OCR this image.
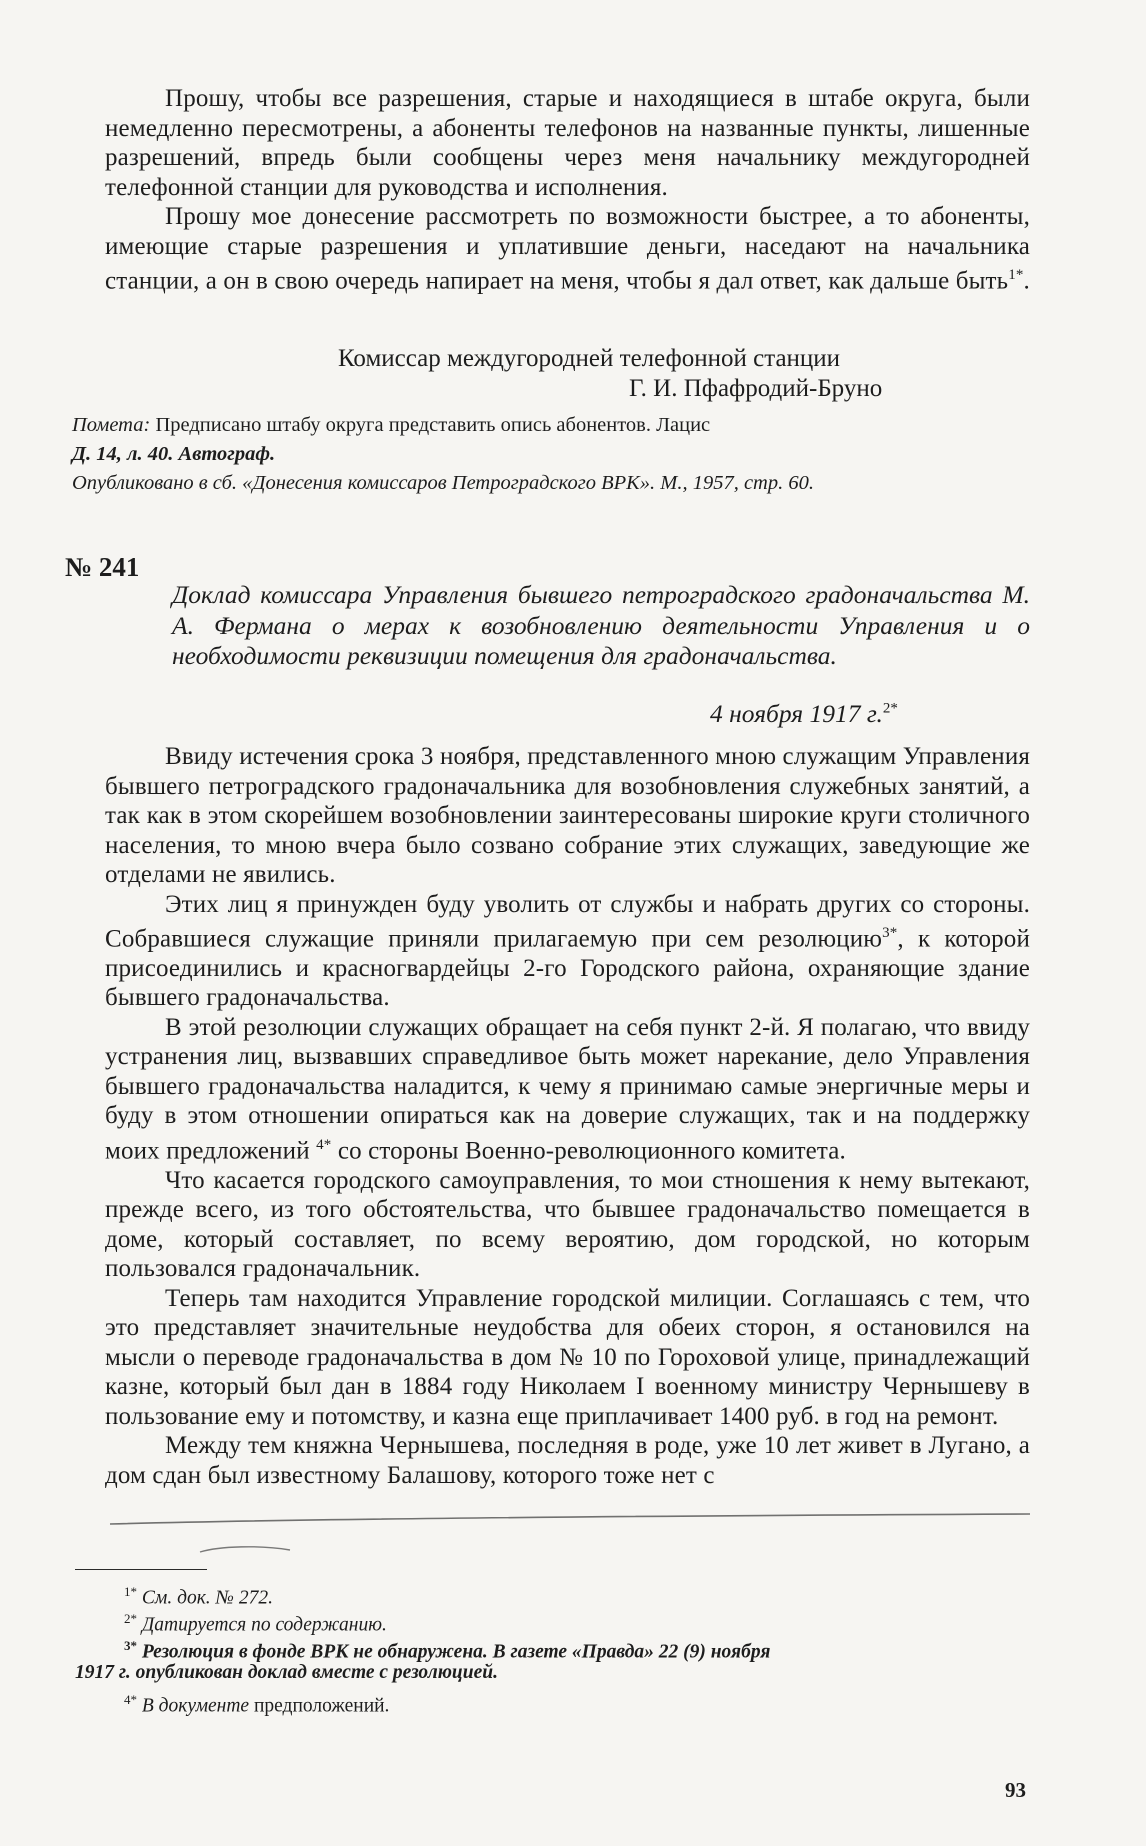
Прошу, чтобы все разрешения, старые и находящиеся в штабе округа, были немедленно пересмотрены, а абоненты телефонов на названные пункты, лишенные разрешений, впредь были сообщены через меня начальнику междугородней телефонной станции для руководства и исполнения.

Прошу мое донесение рассмотреть по возможности быстрее, а то абоненты, имеющие старые разрешения и уплатившие деньги, наседают на начальника станции, а он в свою очередь напирает на меня, чтобы я дал ответ, как дальше быть$^{1*}$.

Комиссар междугородней телефонной станции
Г. И. Пфафродий-Бруно
Помета: Предписано штабу округа представить опись абонентов. Лацис
Д. 14, л. 40. Автограф.
Опубликовано в сб. «Донесения комиссаров Петроградского ВРК». М., 1957, стр. 60.
№ 241
Доклад комиссара Управления бывшего петроградского градоначальства М. А. Фермана о мерах к возобновлению деятельности Управления и о необходимости реквизиции помещения для градоначальства.
4 ноября 1917 г.$^{2*}$

Ввиду истечения срока 3 ноября, представленного мною служащим Управления бывшего петроградского градоначальника для возобновления служебных занятий, а так как в этом скорейшем возобновлении заинтересованы широкие круги столичного населения, то мною вчера было созвано собрание этих служащих, заведующие же отделами не явились.

Этих лиц я принужден буду уволить от службы и набрать других со стороны. Собравшиеся служащие приняли прилагаемую при сем резолюцию$^{3*}$, к которой присоединились и красногвардейцы 2-го Городского района, охраняющие здание бывшего градоначальства.

В этой резолюции служащих обращает на себя пункт 2-й. Я полагаю, что ввиду устранения лиц, вызвавших справедливое быть может нарекание, дело Управления бывшего градоначальства наладится, к чему я принимаю самые энергичные меры и буду в этом отношении опираться как на доверие служащих, так и на поддержку моих предложений $^{4*}$ со стороны Военно-революционного комитета.

Что касается городского самоуправления, то мои стношения к нему вытекают, прежде всего, из того обстоятельства, что бывшее градоначальство помещается в доме, который составляет, по всему вероятию, дом городской, но которым пользовался градоначальник.

Теперь там находится Управление городской милиции. Соглашаясь с тем, что это представляет значительные неудобства для обеих сторон, я остановился на мысли о переводе градоначальства в дом № 10 по Гороховой улице, принадлежащий казне, который был дан в 1884 году Николаем I военному министру Чернышеву в пользование ему и потомству, и казна еще приплачивает 1400 руб. в год на ремонт.

Между тем княжна Чернышева, последняя в роде, уже 10 лет живет в Лугано, а дом сдан был известному Балашову, которого тоже нет с

$^{1*}$ См. док. № 272.
$^{2*}$ Датируется по содержанию.
$^{3*}$ Резолюция в фонде ВРК не обнаружена. В газете «Правда» 22 (9) ноября
1917 г. опубликован доклад вместе с резолюцией.
$^{4*}$ В документе предположений.
93
